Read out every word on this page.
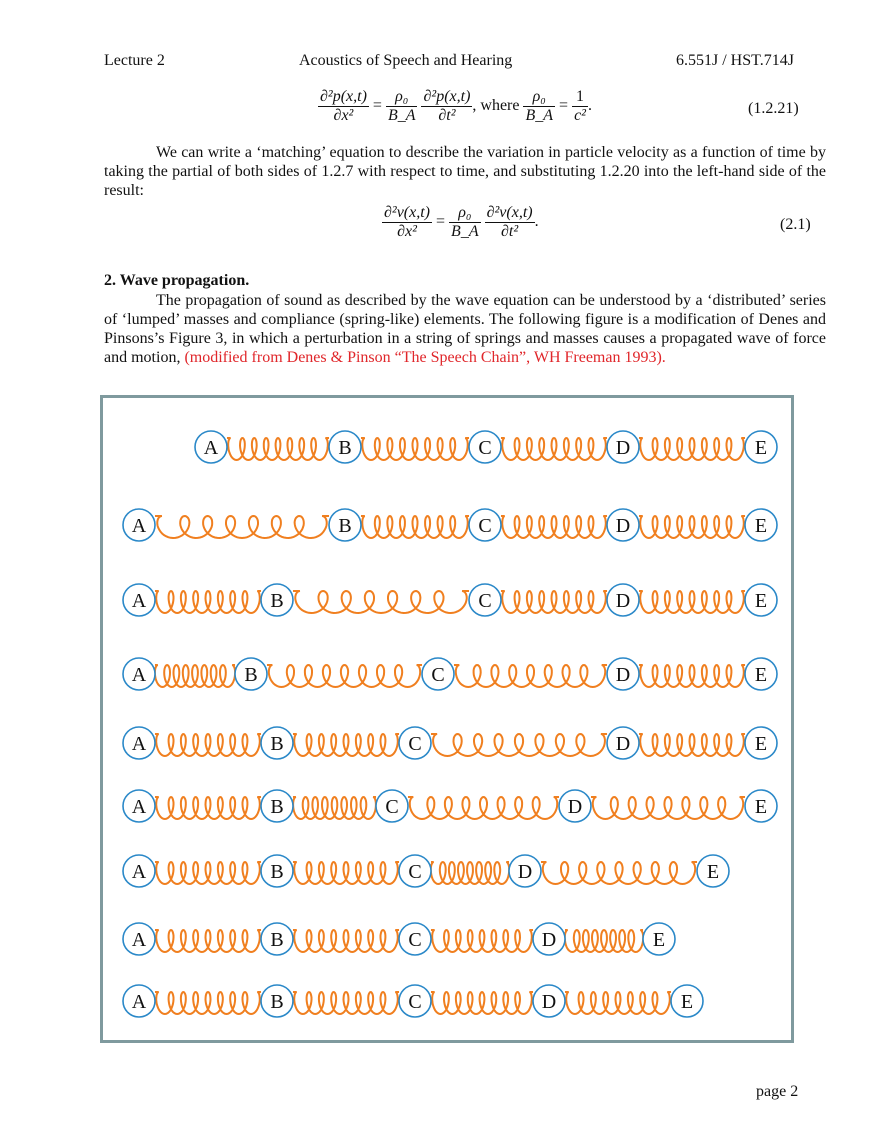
Lecture 2	Acoustics of Speech and Hearing	6.551J / HST.714J
$\frac{\text{∂²p(x,t)}}{\text{∂x²}} = \frac{\text{ρ₀}}{B\_A}$
$\frac{\text{∂²p(x,t)}}{\text{∂t²}}$ , where $\frac{\text{ρ₀}}{B\_A} = \frac{1}{\text{c²}}$ .	(1.2.21)

We can write a ‘matching’ equation to describe the variation in particle velocity as a function of time by taking the partial of both sides of 1.2.7 with respect to time, and substituting 1.2.20 into the left-hand side of the result:

$\frac{\text{∂²v(x,t)}}{\text{∂x²}} = \frac{\text{ρ₀}}{B\_A}$
$\frac{\text{∂²v(x,t)}}{\text{∂t²}}$ .	(2.1)
2. Wave propagation.

The propagation of sound as described by the wave equation can be understood by a ‘distributed’ series of ‘lumped’ masses and compliance (spring-like) elements. The following figure is a modification of Denes and Pinsons’s Figure 3, in which a perturbation in a string of springs and masses causes a propagated wave of force and motion, (modified from Denes & Pinson “The Speech Chain”, WH Freeman 1993).

A	B	C	D	E
A	B	C	D	E
A	B	C	D	E
A	B	C	D	E
A	B	C	D	E
A	B	C	D	E
A	B	C	D	E
A	B	C	D	E
A	B	C	D	E
page 2
